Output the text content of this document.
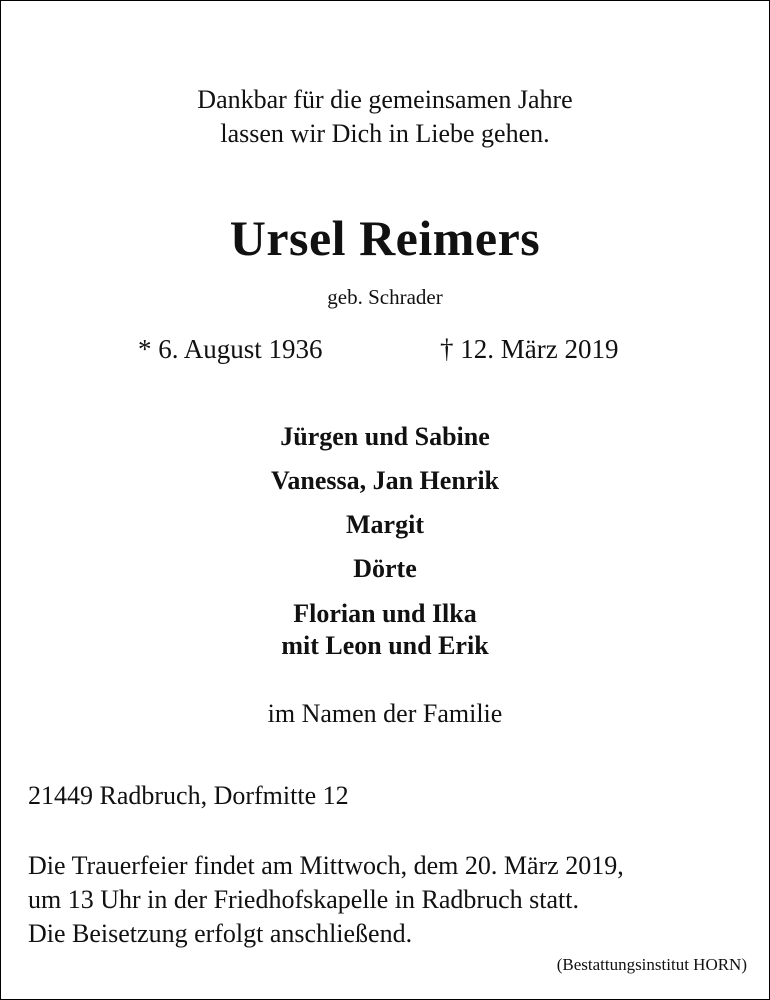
Dankbar für die gemeinsamen Jahre
lassen wir Dich in Liebe gehen.
Ursel Reimers
geb. Schrader
* 6. August 1936	† 12. März 2019
Jürgen und Sabine
Vanessa, Jan Henrik
Margit
Dörte
Florian und Ilka
mit Leon und Erik
im Namen der Familie
21449 Radbruch, Dorfmitte 12
Die Trauerfeier findet am Mittwoch, dem 20. März 2019,
um 13 Uhr in der Friedhofskapelle in Radbruch statt.
Die Beisetzung erfolgt anschließend.
(Bestattungsinstitut HORN)
